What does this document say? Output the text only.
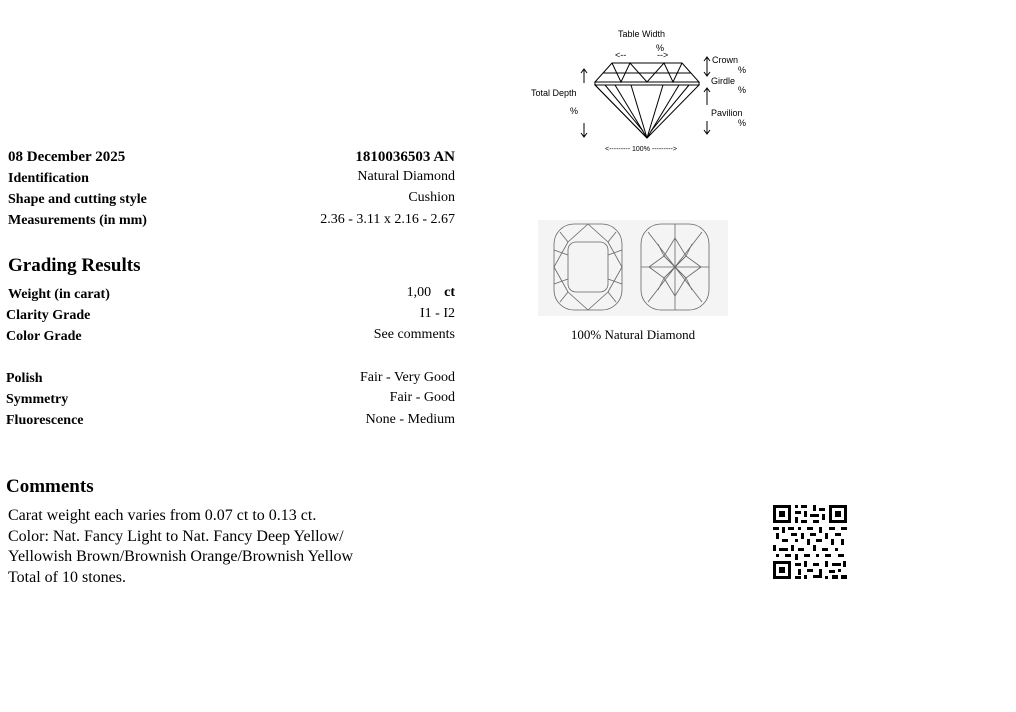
08 December 2025	1810036503 AN
Identification	Natural Diamond
Shape and cutting style	Cushion
Measurements (in mm)	2.36 - 3.11 x 2.16 - 2.67
Grading Results
Weight (in carat)	1,00 ct
Clarity Grade	I1 - I2
Color Grade	See comments
Polish	Fair - Very Good
Symmetry	Fair - Good
Fluorescence	None - Medium
Comments
Carat weight each varies from 0.07 ct to 0.13 ct.
Color: Nat. Fancy Light to Nat. Fancy Deep Yellow/
Yellowish Brown/Brownish Orange/Brownish Yellow
Total of 10 stones.
Table Width
%
<--	-->
Total Depth
%
Crown
%
Girdle
%
Pavilion
%
<--------- 100% --------->
100% Natural Diamond
